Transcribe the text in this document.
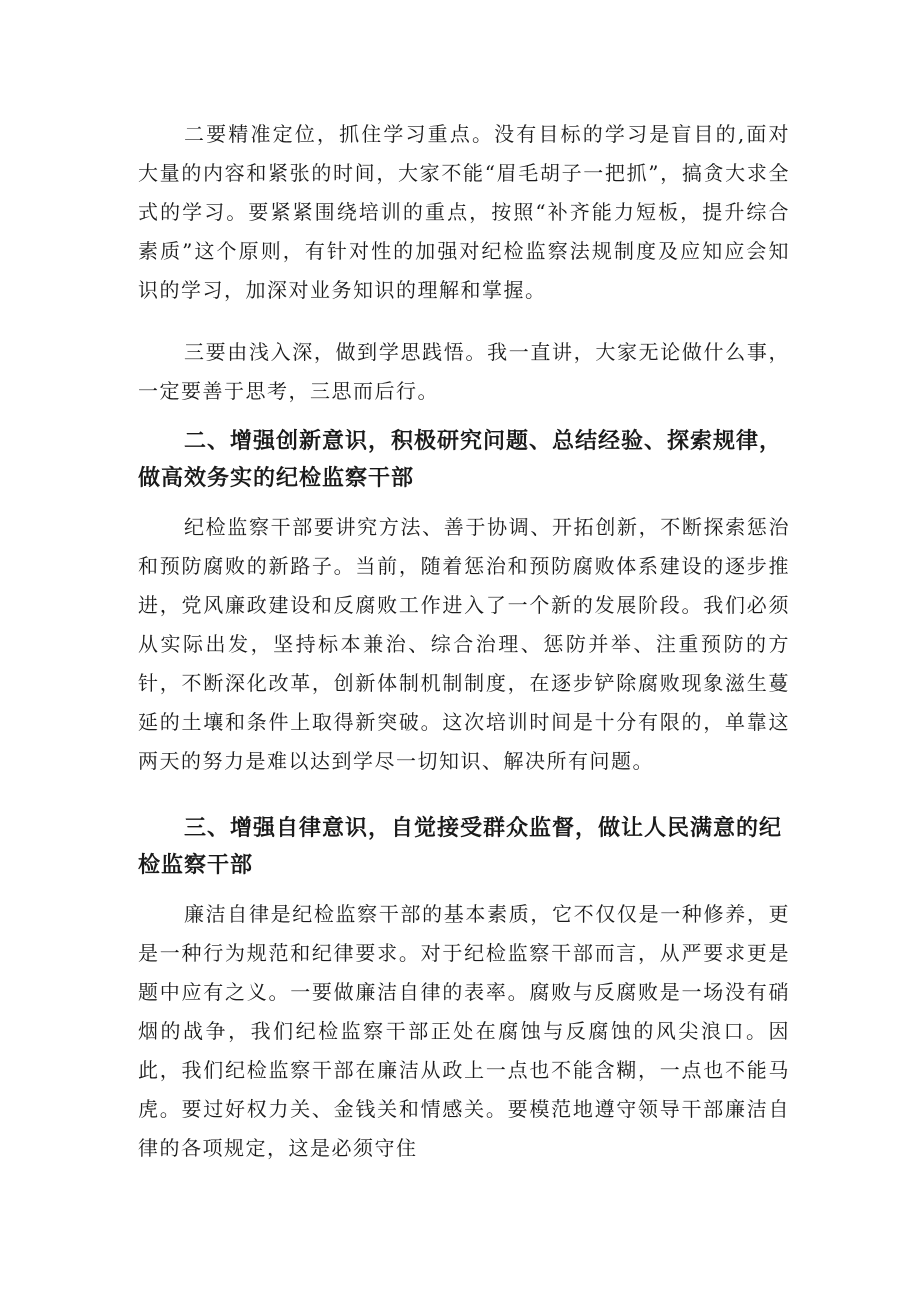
二要精准定位，抓住学习重点。没有目标的学习是盲目的,面对大量的内容和紧张的时间，大家不能“眉毛胡子一把抓”，搞贪大求全式的学习。要紧紧围绕培训的重点，按照“补齐能力短板，提升综合素质”这个原则，有针对性的加强对纪检监察法规制度及应知应会知识的学习，加深对业务知识的理解和掌握。

三要由浅入深，做到学思践悟。我一直讲，大家无论做什么事，一定要善于思考，三思而后行。

二、增强创新意识，积极研究问题、总结经验、探索规律，做高效务实的纪检监察干部

纪检监察干部要讲究方法、善于协调、开拓创新，不断探索惩治和预防腐败的新路子。当前，随着惩治和预防腐败体系建设的逐步推进，党风廉政建设和反腐败工作进入了一个新的发展阶段。我们必须从实际出发，坚持标本兼治、综合治理、惩防并举、注重预防的方针，不断深化改革，创新体制机制制度，在逐步铲除腐败现象滋生蔓延的土壤和条件上取得新突破。这次培训时间是十分有限的，单靠这两天的努力是难以达到学尽一切知识、解决所有问题。

三、增强自律意识，自觉接受群众监督，做让人民满意的纪检监察干部

廉洁自律是纪检监察干部的基本素质，它不仅仅是一种修养，更是一种行为规范和纪律要求。对于纪检监察干部而言，从严要求更是题中应有之义。一要做廉洁自律的表率。腐败与反腐败是一场没有硝烟的战争，我们纪检监察干部正处在腐蚀与反腐蚀的风尖浪口。因此，我们纪检监察干部在廉洁从政上一点也不能含糊，一点也不能马虎。要过好权力关、金钱关和情感关。要模范地遵守领导干部廉洁自律的各项规定，这是必须守住
